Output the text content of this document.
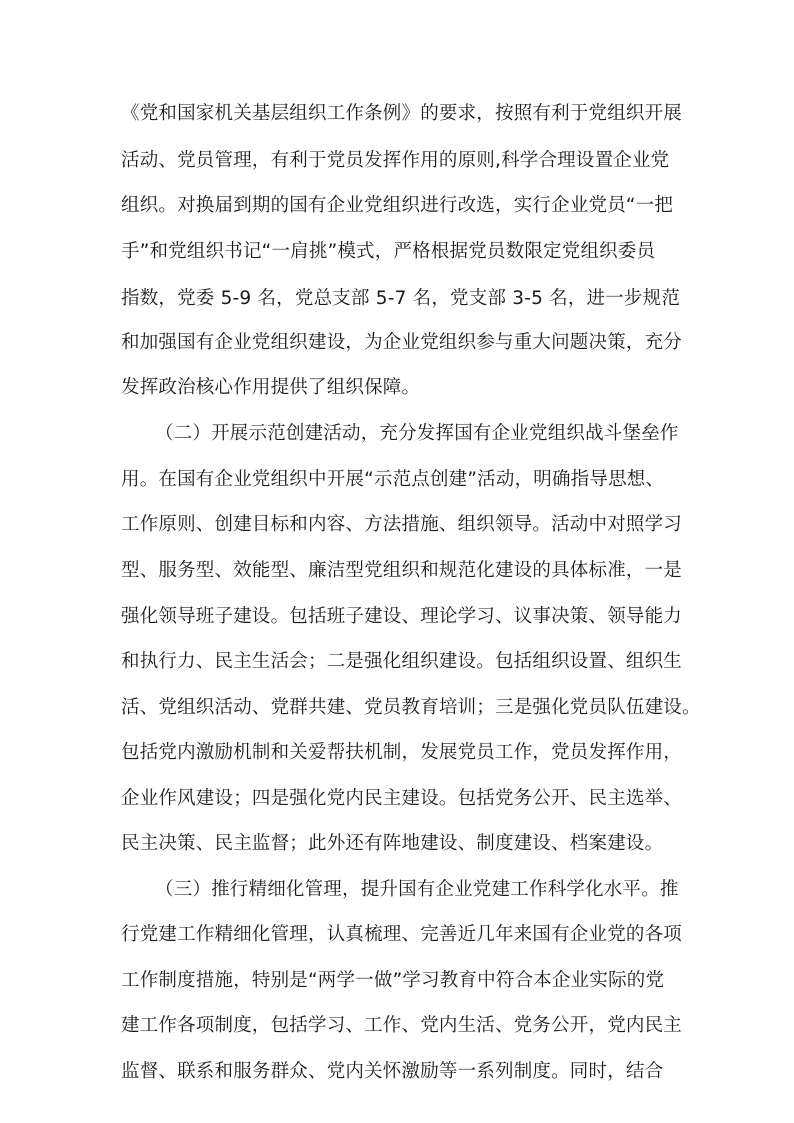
《党和国家机关基层组织工作条例》的要求，按照有利于党组织开展
活动、党员管理，有利于党员发挥作用的原则,科学合理设置企业党
组织。对换届到期的国有企业党组织进行改选，实行企业党员“一把
手”和党组织书记“一肩挑”模式，严格根据党员数限定党组织委员
指数，党委 5-9 名，党总支部 5-7 名，党支部 3-5 名，进一步规范
和加强国有企业党组织建设，为企业党组织参与重大问题决策，充分
发挥政治核心作用提供了组织保障。
（二）开展示范创建活动，充分发挥国有企业党组织战斗堡垒作
用。在国有企业党组织中开展“示范点创建”活动，明确指导思想、
工作原则、创建目标和内容、方法措施、组织领导。活动中对照学习
型、服务型、效能型、廉洁型党组织和规范化建设的具体标准，一是
强化领导班子建设。包括班子建设、理论学习、议事决策、领导能力
和执行力、民主生活会；二是强化组织建设。包括组织设置、组织生
活、党组织活动、党群共建、党员教育培训；三是强化党员队伍建设。
包括党内激励机制和关爱帮扶机制，发展党员工作，党员发挥作用，
企业作风建设；四是强化党内民主建设。包括党务公开、民主选举、
民主决策、民主监督；此外还有阵地建设、制度建设、档案建设。
（三）推行精细化管理，提升国有企业党建工作科学化水平。推
行党建工作精细化管理，认真梳理、完善近几年来国有企业党的各项
工作制度措施，特别是“两学一做”学习教育中符合本企业实际的党
建工作各项制度，包括学习、工作、党内生活、党务公开，党内民主
监督、联系和服务群众、党内关怀激励等一系列制度。同时，结合
